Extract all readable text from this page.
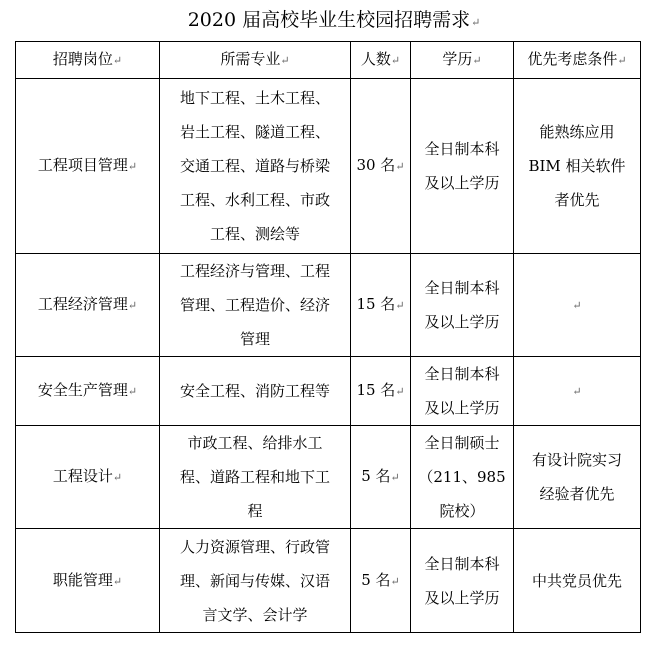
2020 届高校毕业生校园招聘需求↵
招聘岗位↵	所需专业↵	人数↵	学历↵	优先考虑条件↵
工程项目管理↵	地下工程、土木工程、
岩土工程、隧道工程、
交通工程、道路与桥梁
工程、水利工程、市政
工程、测绘等	30 名↵	全日制本科
及以上学历	能熟练应用
BIM 相关软件
者优先

工程经济管理↵	工程经济与管理、工程
管理、工程造价、经济
管理	15 名↵	全日制本科
及以上学历	↵
安全生产管理↵	安全工程、消防工程等	15 名↵	全日制本科
及以上学历	↵
工程设计↵	市政工程、给排水工
程、道路工程和地下工
程	5 名↵	全日制硕士
（211、985
院校）	有设计院实习
经验者优先

职能管理↵	人力资源管理、行政管
理、新闻与传媒、汉语
言文学、会计学	5 名↵	全日制本科
及以上学历	中共党员优先
